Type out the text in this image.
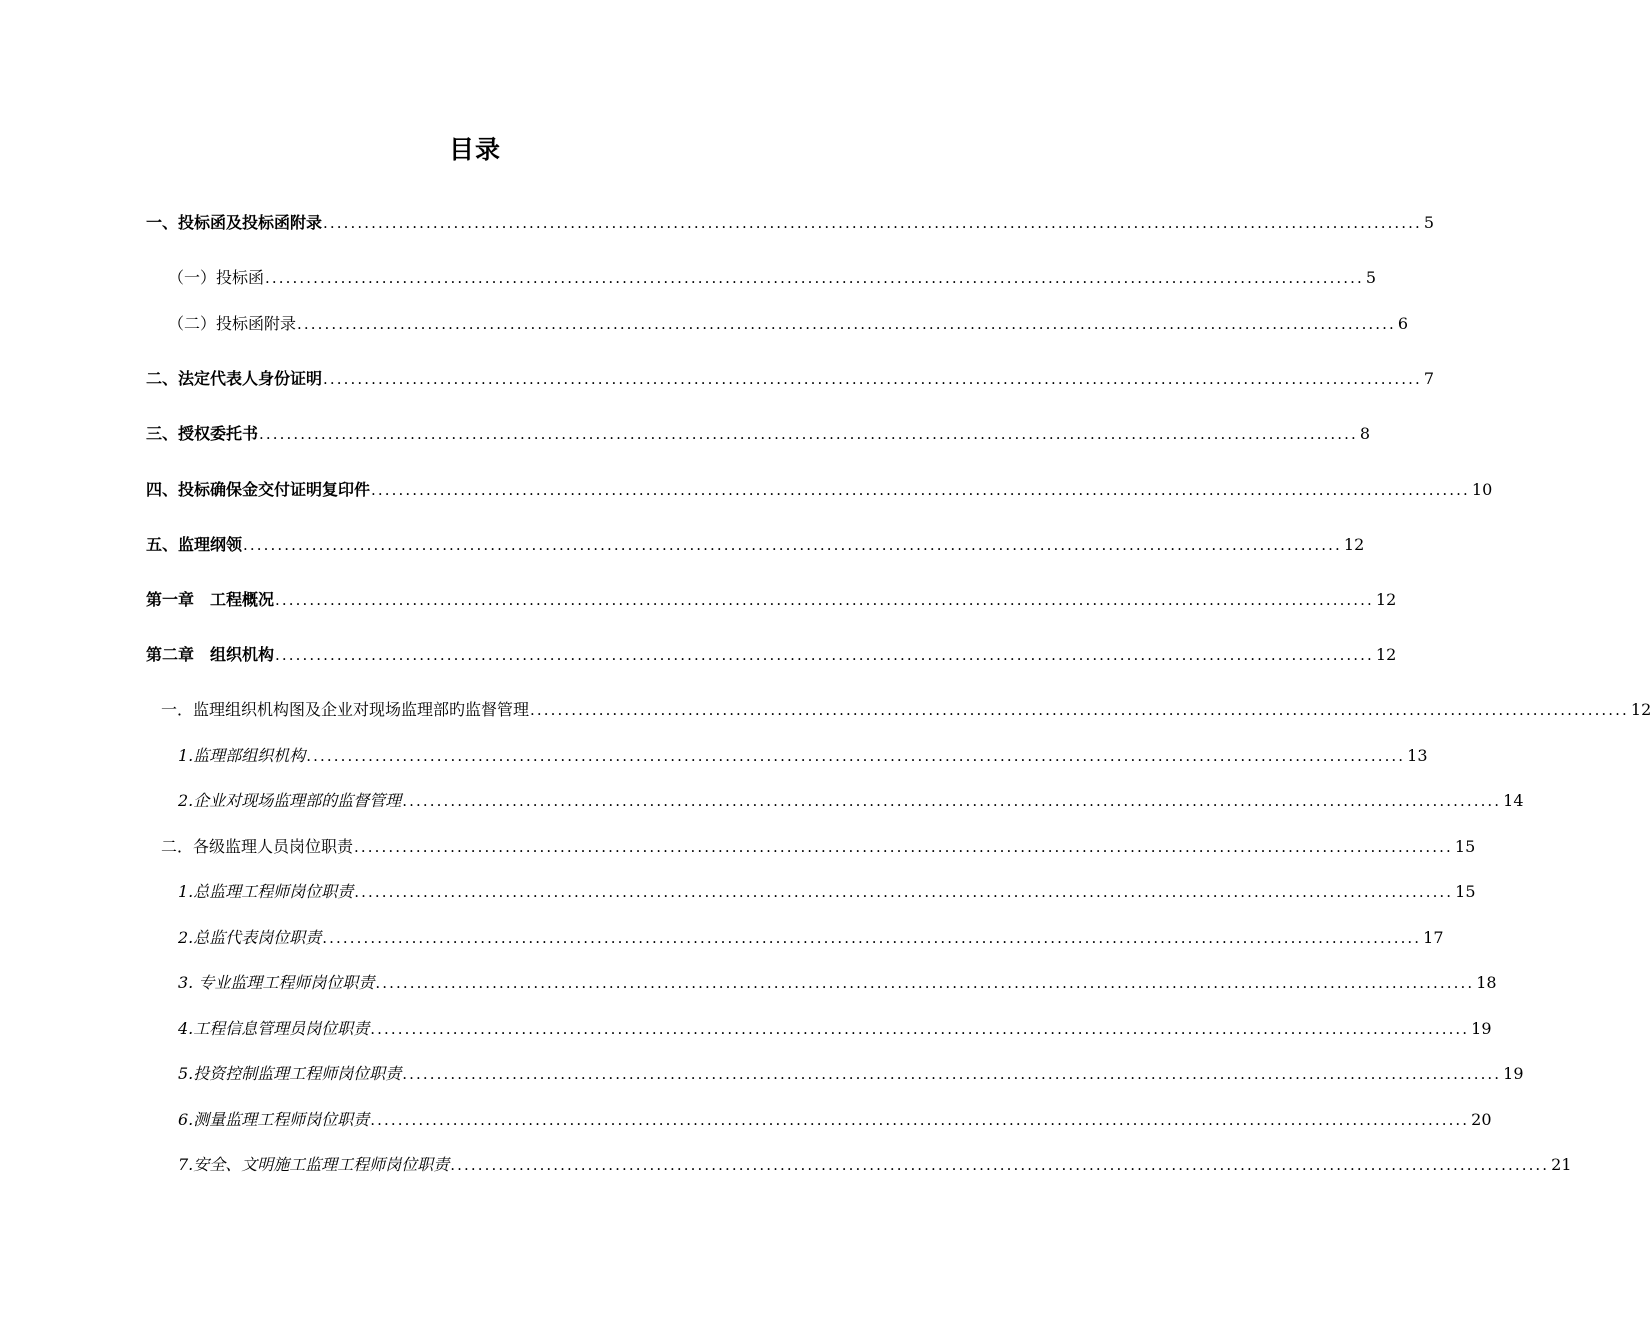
目录
一、投标函及投标函附录 ................................................................................................................................................................ 5
（一）投标函 ................................................................................................................................................................ 5
（二）投标函附录 ................................................................................................................................................................ 6
二、法定代表人身份证明 ................................................................................................................................................................ 7
三、授权委托书 ................................................................................................................................................................ 8
四、投标确保金交付证明复印件 ................................................................................................................................................................ 10
五、监理纲领 ................................................................................................................................................................ 12
第一章　工程概况 ................................................................................................................................................................ 12
第二章　组织机构 ................................................................................................................................................................ 12
一．监理组织机构图及企业对现场监理部旳监督管理 ................................................................................................................................................................ 12
1.监理部组织机构 ................................................................................................................................................................ 13
2.企业对现场监理部的监督管理 ................................................................................................................................................................ 14
二．各级监理人员岗位职责 ................................................................................................................................................................ 15
1.总监理工程师岗位职责 ................................................................................................................................................................ 15
2.总监代表岗位职责 ................................................................................................................................................................ 17
3. 专业监理工程师岗位职责 ................................................................................................................................................................ 18
4.工程信息管理员岗位职责 ................................................................................................................................................................ 19
5.投资控制监理工程师岗位职责 ................................................................................................................................................................ 19
6.测量监理工程师岗位职责 ................................................................................................................................................................ 20
7.安全、文明施工监理工程师岗位职责 ................................................................................................................................................................ 21
